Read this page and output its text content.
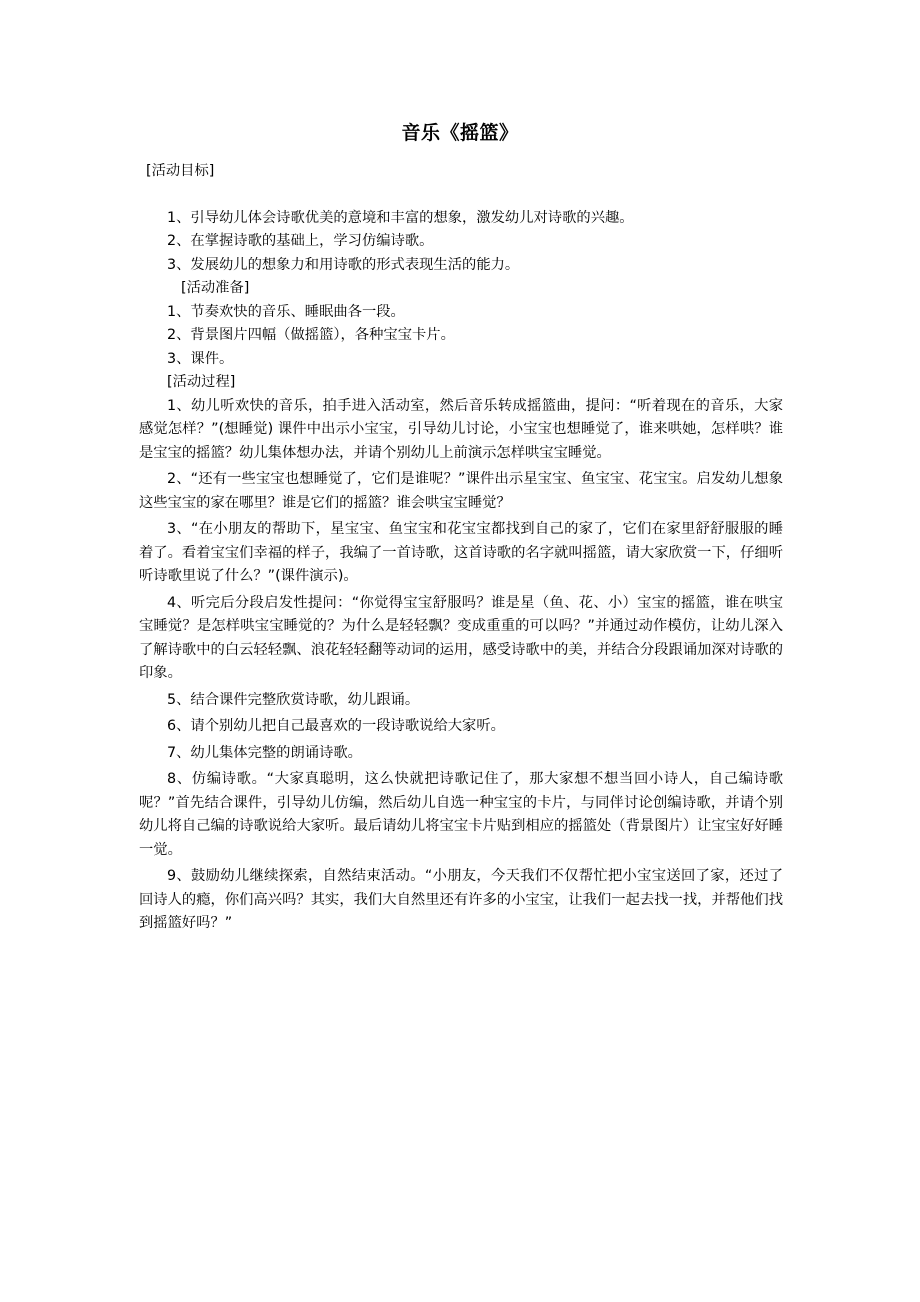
音乐《摇篮》

[活动目标]

1、引导幼儿体会诗歌优美的意境和丰富的想象，激发幼儿对诗歌的兴趣。

2、在掌握诗歌的基础上，学习仿编诗歌。

3、发展幼儿的想象力和用诗歌的形式表现生活的能力。

[活动准备]

1、节奏欢快的音乐、睡眠曲各一段。

2、背景图片四幅（做摇篮），各种宝宝卡片。

3、课件。

[活动过程]

1、幼儿听欢快的音乐，拍手进入活动室，然后音乐转成摇篮曲，提问：“听着现在的音乐，大家感觉怎样？”(想睡觉) 课件中出示小宝宝，引导幼儿讨论，小宝宝也想睡觉了，谁来哄她，怎样哄？谁是宝宝的摇篮？幼儿集体想办法，并请个别幼儿上前演示怎样哄宝宝睡觉。

2、“还有一些宝宝也想睡觉了，它们是谁呢？”课件出示星宝宝、鱼宝宝、花宝宝。启发幼儿想象这些宝宝的家在哪里？谁是它们的摇篮？谁会哄宝宝睡觉？

3、“在小朋友的帮助下，星宝宝、鱼宝宝和花宝宝都找到自己的家了，它们在家里舒舒服服的睡着了。看着宝宝们幸福的样子，我编了一首诗歌，这首诗歌的名字就叫摇篮，请大家欣赏一下，仔细听听诗歌里说了什么？”(课件演示)。

4、听完后分段启发性提问：“你觉得宝宝舒服吗？谁是星（鱼、花、小）宝宝的摇篮，谁在哄宝宝睡觉？是怎样哄宝宝睡觉的？为什么是轻轻飘？变成重重的可以吗？”并通过动作模仿，让幼儿深入了解诗歌中的白云轻轻飘、浪花轻轻翻等动词的运用，感受诗歌中的美，并结合分段跟诵加深对诗歌的印象。

5、结合课件完整欣赏诗歌，幼儿跟诵。

6、请个别幼儿把自己最喜欢的一段诗歌说给大家听。

7、幼儿集体完整的朗诵诗歌。

8、仿编诗歌。“大家真聪明，这么快就把诗歌记住了，那大家想不想当回小诗人，自己编诗歌呢？”首先结合课件，引导幼儿仿编，然后幼儿自选一种宝宝的卡片，与同伴讨论创编诗歌，并请个别幼儿将自己编的诗歌说给大家听。最后请幼儿将宝宝卡片贴到相应的摇篮处（背景图片）让宝宝好好睡一觉。

9、鼓励幼儿继续探索，自然结束活动。“小朋友，今天我们不仅帮忙把小宝宝送回了家，还过了回诗人的瘾，你们高兴吗？其实，我们大自然里还有许多的小宝宝，让我们一起去找一找，并帮他们找到摇篮好吗？”
